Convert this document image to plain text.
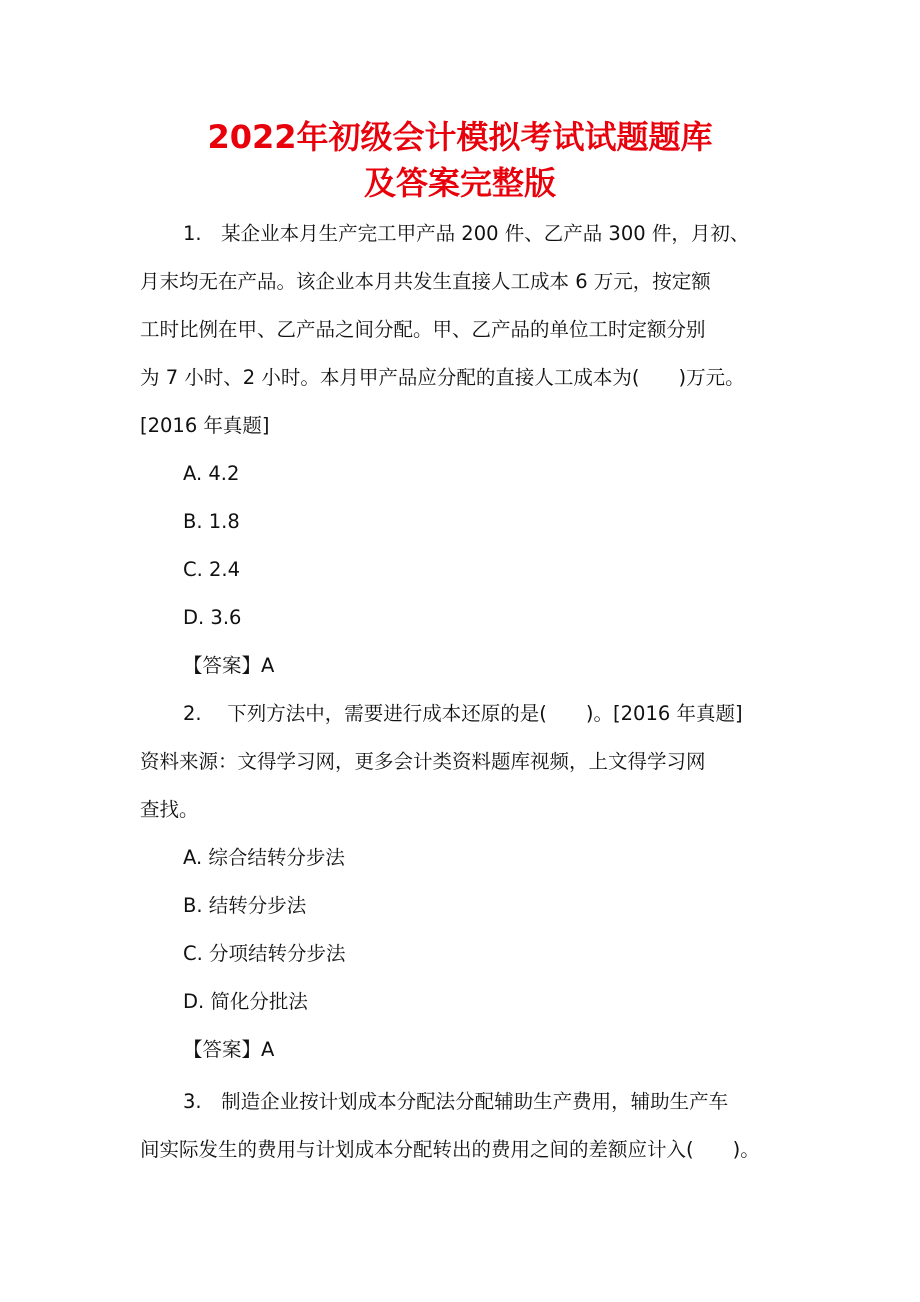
2022年初级会计模拟考试试题题库
及答案完整版

1.　某企业本月生产完工甲产品 200 件、乙产品 300 件，月初、

月末均无在产品。该企业本月共发生直接人工成本 6 万元，按定额

工时比例在甲、乙产品之间分配。甲、乙产品的单位工时定额分别

为 7 小时、2 小时。本月甲产品应分配的直接人工成本为(　　)万元。

[2016 年真题]

A. 4.2

B. 1.8

C. 2.4

D. 3.6

【答案】A

2.　 下列方法中，需要进行成本还原的是(　　)。[2016 年真题]

资料来源：文得学习网，更多会计类资料题库视频，上文得学习网

查找。

A. 综合结转分步法

B. 结转分步法

C. 分项结转分步法

D. 简化分批法

【答案】A

3.　制造企业按计划成本分配法分配辅助生产费用，辅助生产车

间实际发生的费用与计划成本分配转出的费用之间的差额应计入(　　)。
